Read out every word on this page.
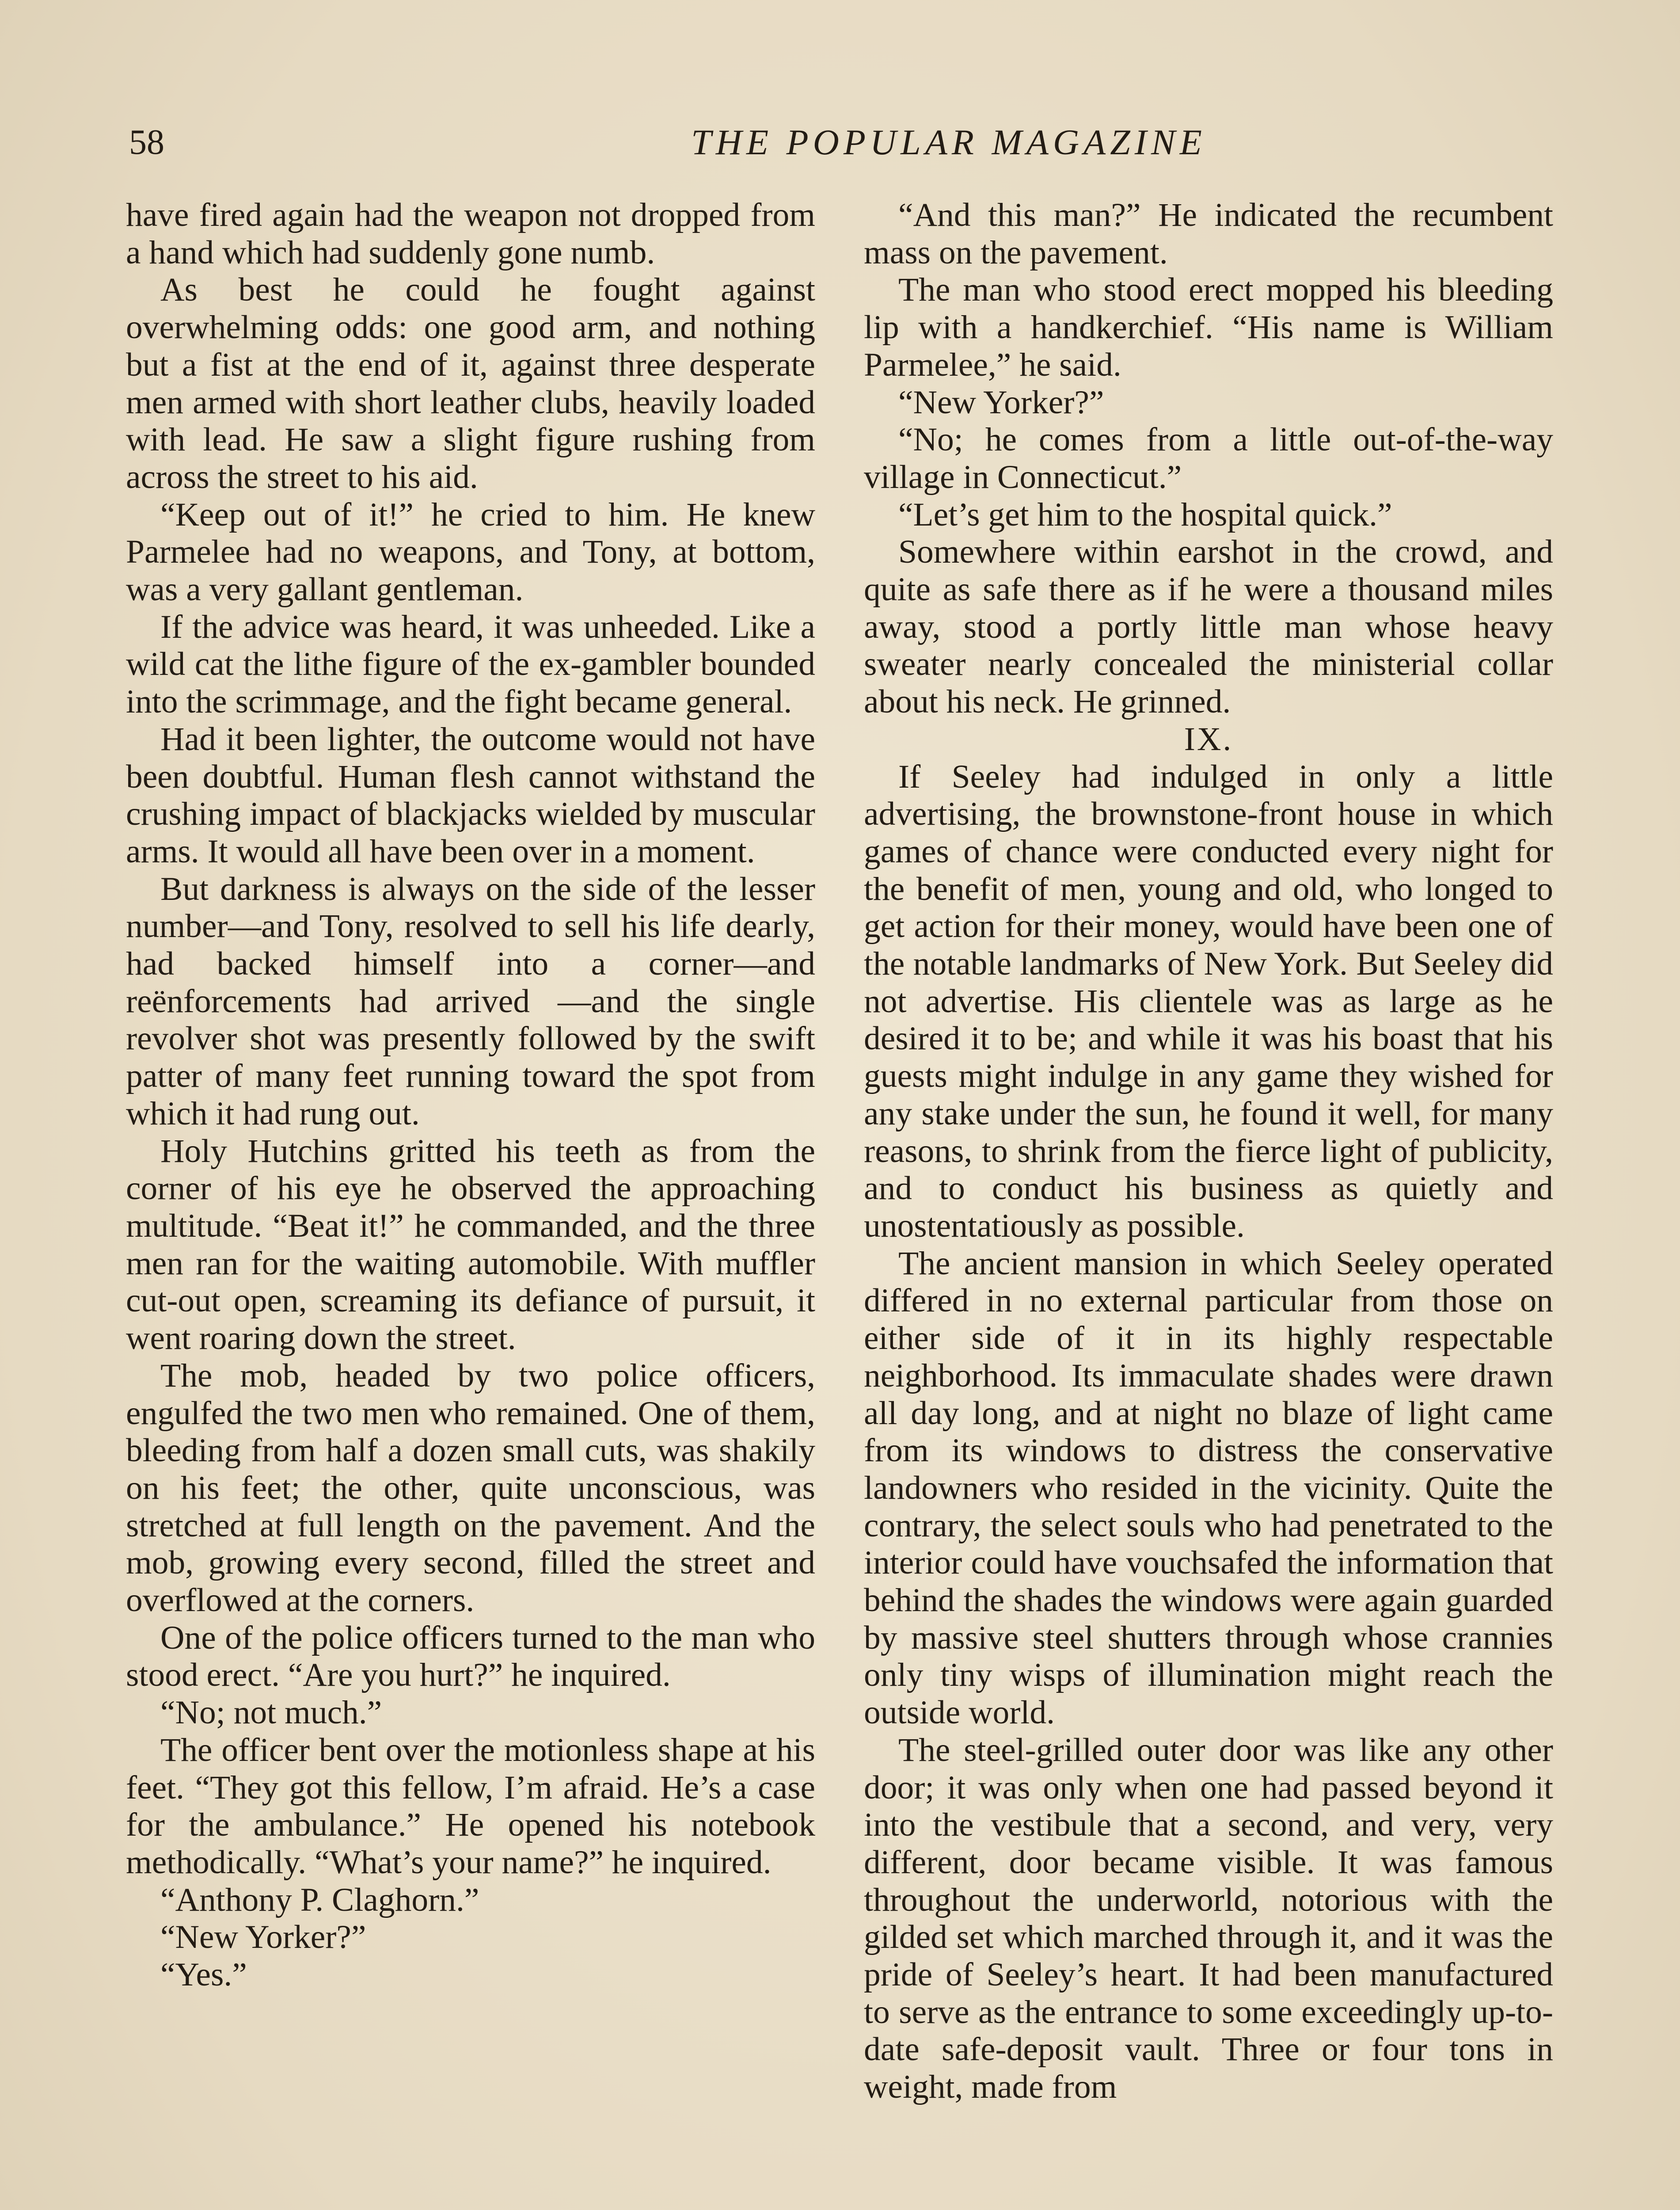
58	THE POPULAR MAGAZINE

have fired again had the weapon not dropped from a hand which had suddenly gone numb.

As best he could he fought against overwhelming odds: one good arm, and nothing but a fist at the end of it, against three desperate men armed with short leather clubs, heavily loaded with lead. He saw a slight figure rushing from across the street to his aid.

“Keep out of it!” he cried to him. He knew Parmelee had no weapons, and Tony, at bottom, was a very gallant gentleman.

If the advice was heard, it was unheeded. Like a wild cat the lithe figure of the ex-gambler bounded into the scrimmage, and the fight became general.

Had it been lighter, the outcome would not have been doubtful. Human flesh cannot withstand the crushing impact of blackjacks wielded by muscular arms. It would all have been over in a moment.

But darkness is always on the side of the lesser number—and Tony, resolved to sell his life dearly, had backed himself into a corner—and reënforcements had arrived —and the single revolver shot was presently followed by the swift patter of many feet running toward the spot from which it had rung out.

Holy Hutchins gritted his teeth as from the corner of his eye he observed the approaching multitude. “Beat it!” he commanded, and the three men ran for the waiting automobile. With muffler cut-out open, screaming its defiance of pursuit, it went roaring down the street.

The mob, headed by two police officers, engulfed the two men who remained. One of them, bleeding from half a dozen small cuts, was shakily on his feet; the other, quite unconscious, was stretched at full length on the pavement. And the mob, growing every second, filled the street and overflowed at the corners.

One of the police officers turned to the man who stood erect. “Are you hurt?” he inquired.

“No; not much.”

The officer bent over the motionless shape at his feet. “They got this fellow, I’m afraid. He’s a case for the ambulance.” He opened his notebook methodically. “What’s your name?” he inquired.

“Anthony P. Claghorn.”

“New Yorker?”

“Yes.”

“And this man?” He indicated the recumbent mass on the pavement.

The man who stood erect mopped his bleeding lip with a handkerchief. “His name is William Parmelee,” he said.

“New Yorker?”

“No; he comes from a little out-of-the-way village in Connecticut.”

“Let’s get him to the hospital quick.”

Somewhere within earshot in the crowd, and quite as safe there as if he were a thousand miles away, stood a portly little man whose heavy sweater nearly concealed the ministerial collar about his neck. He grinned.

IX.

If Seeley had indulged in only a little advertising, the brownstone-front house in which games of chance were conducted every night for the benefit of men, young and old, who longed to get action for their money, would have been one of the notable landmarks of New York. But Seeley did not advertise. His clientele was as large as he desired it to be; and while it was his boast that his guests might indulge in any game they wished for any stake under the sun, he found it well, for many reasons, to shrink from the fierce light of publicity, and to conduct his business as quietly and unostentatiously as possible.

The ancient mansion in which Seeley operated differed in no external particular from those on either side of it in its highly respectable neighborhood. Its immaculate shades were drawn all day long, and at night no blaze of light came from its windows to distress the conservative landowners who resided in the vicinity. Quite the contrary, the select souls who had penetrated to the interior could have vouchsafed the information that behind the shades the windows were again guarded by massive steel shutters through whose crannies only tiny wisps of illumination might reach the outside world.

The steel-grilled outer door was like any other door; it was only when one had passed beyond it into the vestibule that a second, and very, very different, door became visible. It was famous throughout the underworld, notorious with the gilded set which marched through it, and it was the pride of Seeley’s heart. It had been manufactured to serve as the entrance to some exceedingly up-to-date safe-deposit vault. Three or four tons in weight, made from
